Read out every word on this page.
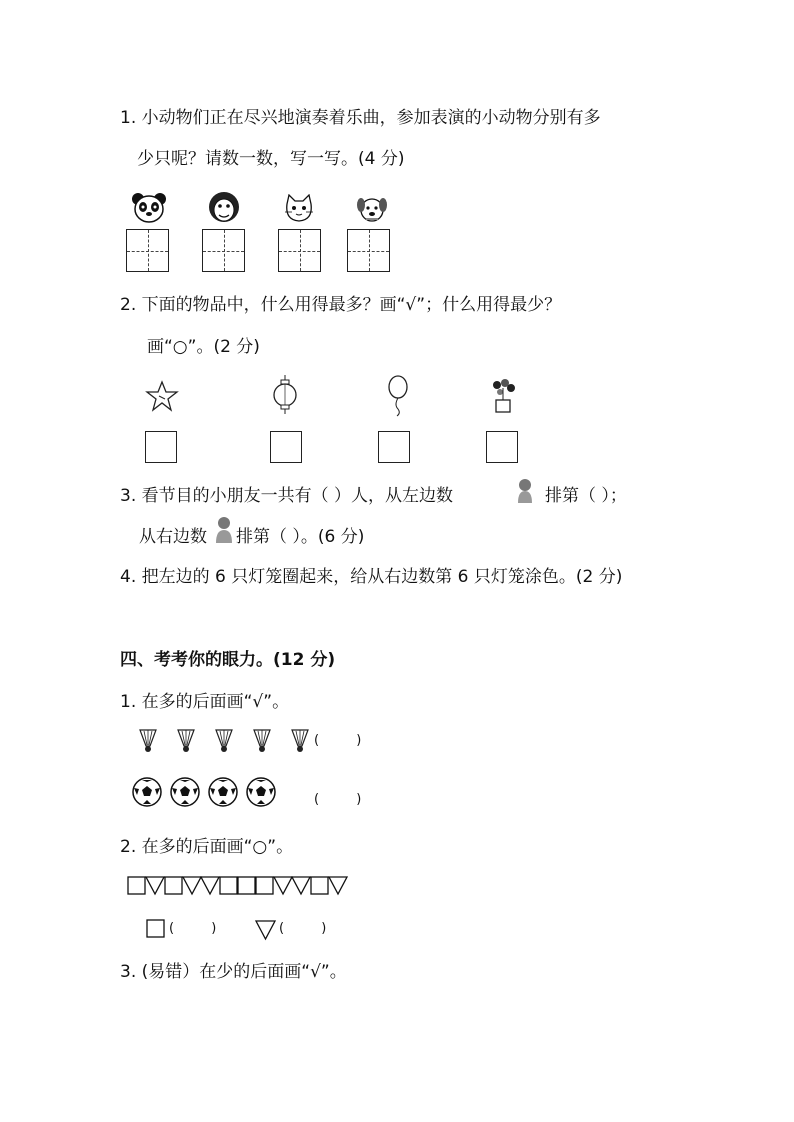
1. 小动物们正在尽兴地演奏着乐曲，参加表演的小动物分别有多
少只呢？请数一数，写一写。(4 分)
2. 下面的物品中，什么用得最多？画“√”；什么用得最少？
画“○”。(2 分)
3. 看节目的小朋友一共有（ ）人，从左边数	排第（ ）；
从右边数 排第（ ）。(6 分)
4. 把左边的 6 只灯笼圈起来，给从右边数第 6 只灯笼涂色。(2 分)
四、考考你的眼力。(12 分)
1. 在多的后面画“√”。
(         )
(         )
2. 在多的后面画“○”。
(         )	(         )
3. (易错）在少的后面画“√”。
